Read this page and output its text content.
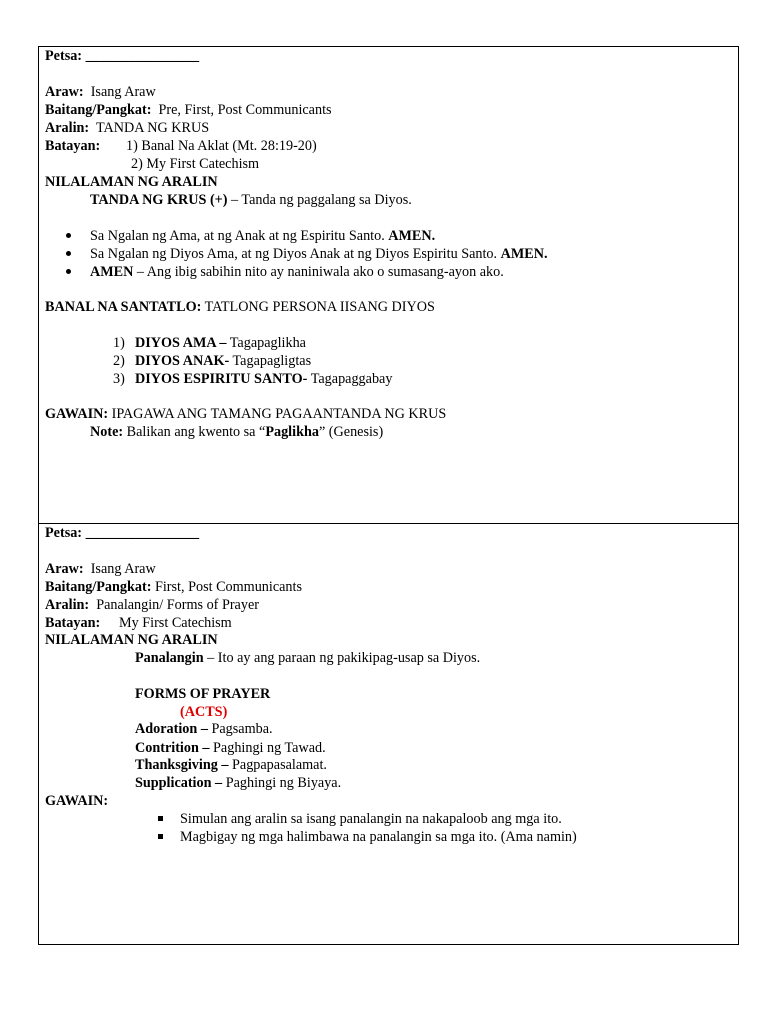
Petsa: ________________
Araw: Isang Araw
Baitang/Pangkat: Pre, First, Post Communicants
Aralin: TANDA NG KRUS
Batayan: 1) Banal Na Aklat (Mt. 28:19-20)
2) My First Catechism
NILALAMAN NG ARALIN
TANDA NG KRUS (+) – Tanda ng paggalang sa Diyos.
Sa Ngalan ng Ama, at ng Anak at ng Espiritu Santo. AMEN.
Sa Ngalan ng Diyos Ama, at ng Diyos Anak at ng Diyos Espiritu Santo. AMEN.
AMEN – Ang ibig sabihin nito ay naniniwala ako o sumasang-ayon ako.
BANAL NA SANTATLO: TATLONG PERSONA IISANG DIYOS
1) DIYOS AMA – Tagapaglikha
2) DIYOS ANAK- Tagapagligtas
3) DIYOS ESPIRITU SANTO- Tagapaggabay
GAWAIN: IPAGAWA ANG TAMANG PAGAANTANDA NG KRUS
Note: Balikan ang kwento sa “Paglikha” (Genesis)
Petsa: ________________
Araw: Isang Araw
Baitang/Pangkat: First, Post Communicants
Aralin: Panalangin/ Forms of Prayer
Batayan: My First Catechism
NILALAMAN NG ARALIN
Panalangin – Ito ay ang paraan ng pakikipag-usap sa Diyos.
FORMS OF PRAYER
(ACTS)
Adoration – Pagsamba.
Contrition – Paghingi ng Tawad.
Thanksgiving – Pagpapasalamat.
Supplication – Paghingi ng Biyaya.
GAWAIN:
Simulan ang aralin sa isang panalangin na nakapaloob ang mga ito.
Magbigay ng mga halimbawa na panalangin sa mga ito. (Ama namin)
